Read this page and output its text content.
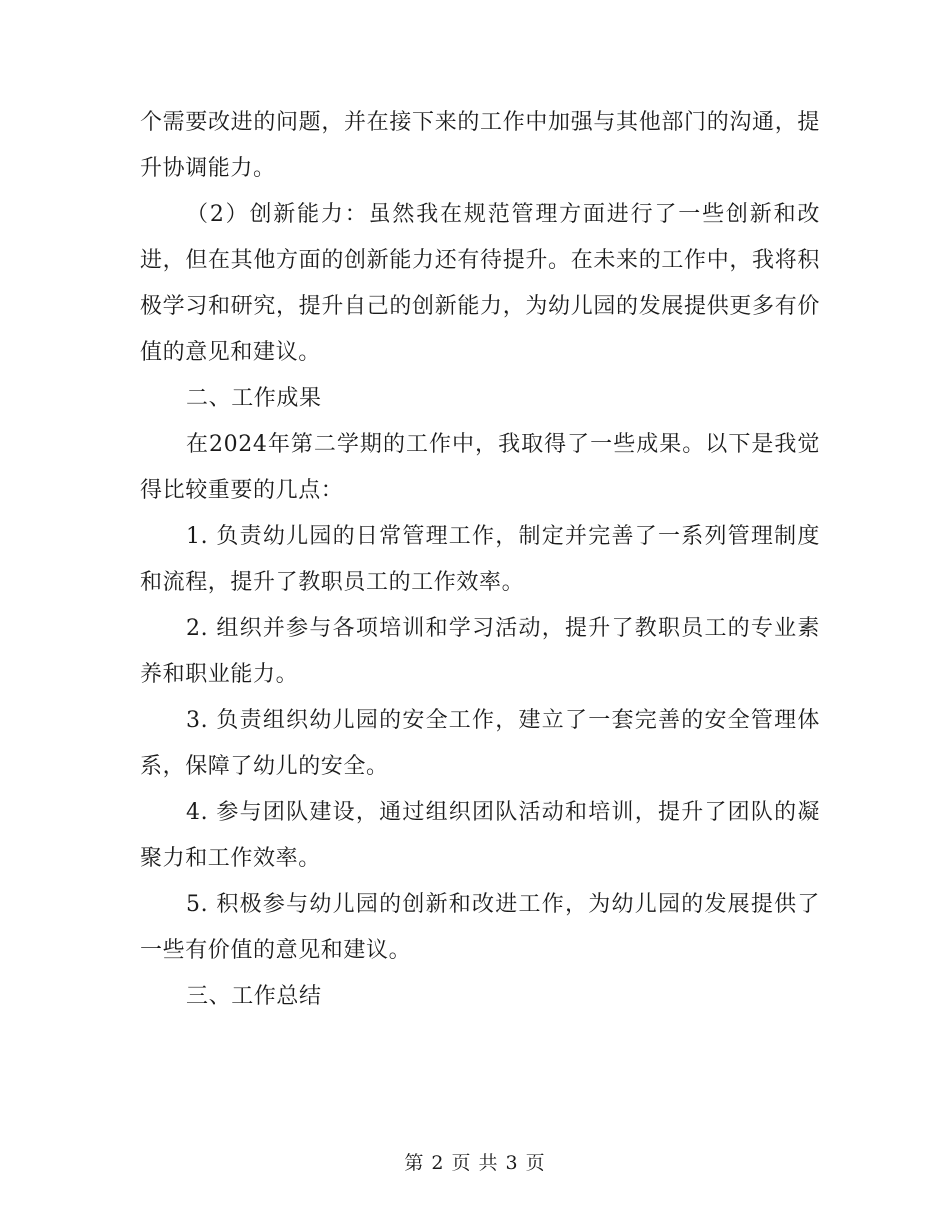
个需要改进的问题，并在接下来的工作中加强与其他部门的沟通，提升协调能力。

（2）创新能力：虽然我在规范管理方面进行了一些创新和改进，但在其他方面的创新能力还有待提升。在未来的工作中，我将积极学习和研究，提升自己的创新能力，为幼儿园的发展提供更多有价值的意见和建议。

二、工作成果

在2024年第二学期的工作中，我取得了一些成果。以下是我觉得比较重要的几点：

1. 负责幼儿园的日常管理工作，制定并完善了一系列管理制度和流程，提升了教职员工的工作效率。

2. 组织并参与各项培训和学习活动，提升了教职员工的专业素养和职业能力。

3. 负责组织幼儿园的安全工作，建立了一套完善的安全管理体系，保障了幼儿的安全。

4. 参与团队建设，通过组织团队活动和培训，提升了团队的凝聚力和工作效率。

5. 积极参与幼儿园的创新和改进工作，为幼儿园的发展提供了一些有价值的意见和建议。

三、工作总结

第 2 页 共 3 页
